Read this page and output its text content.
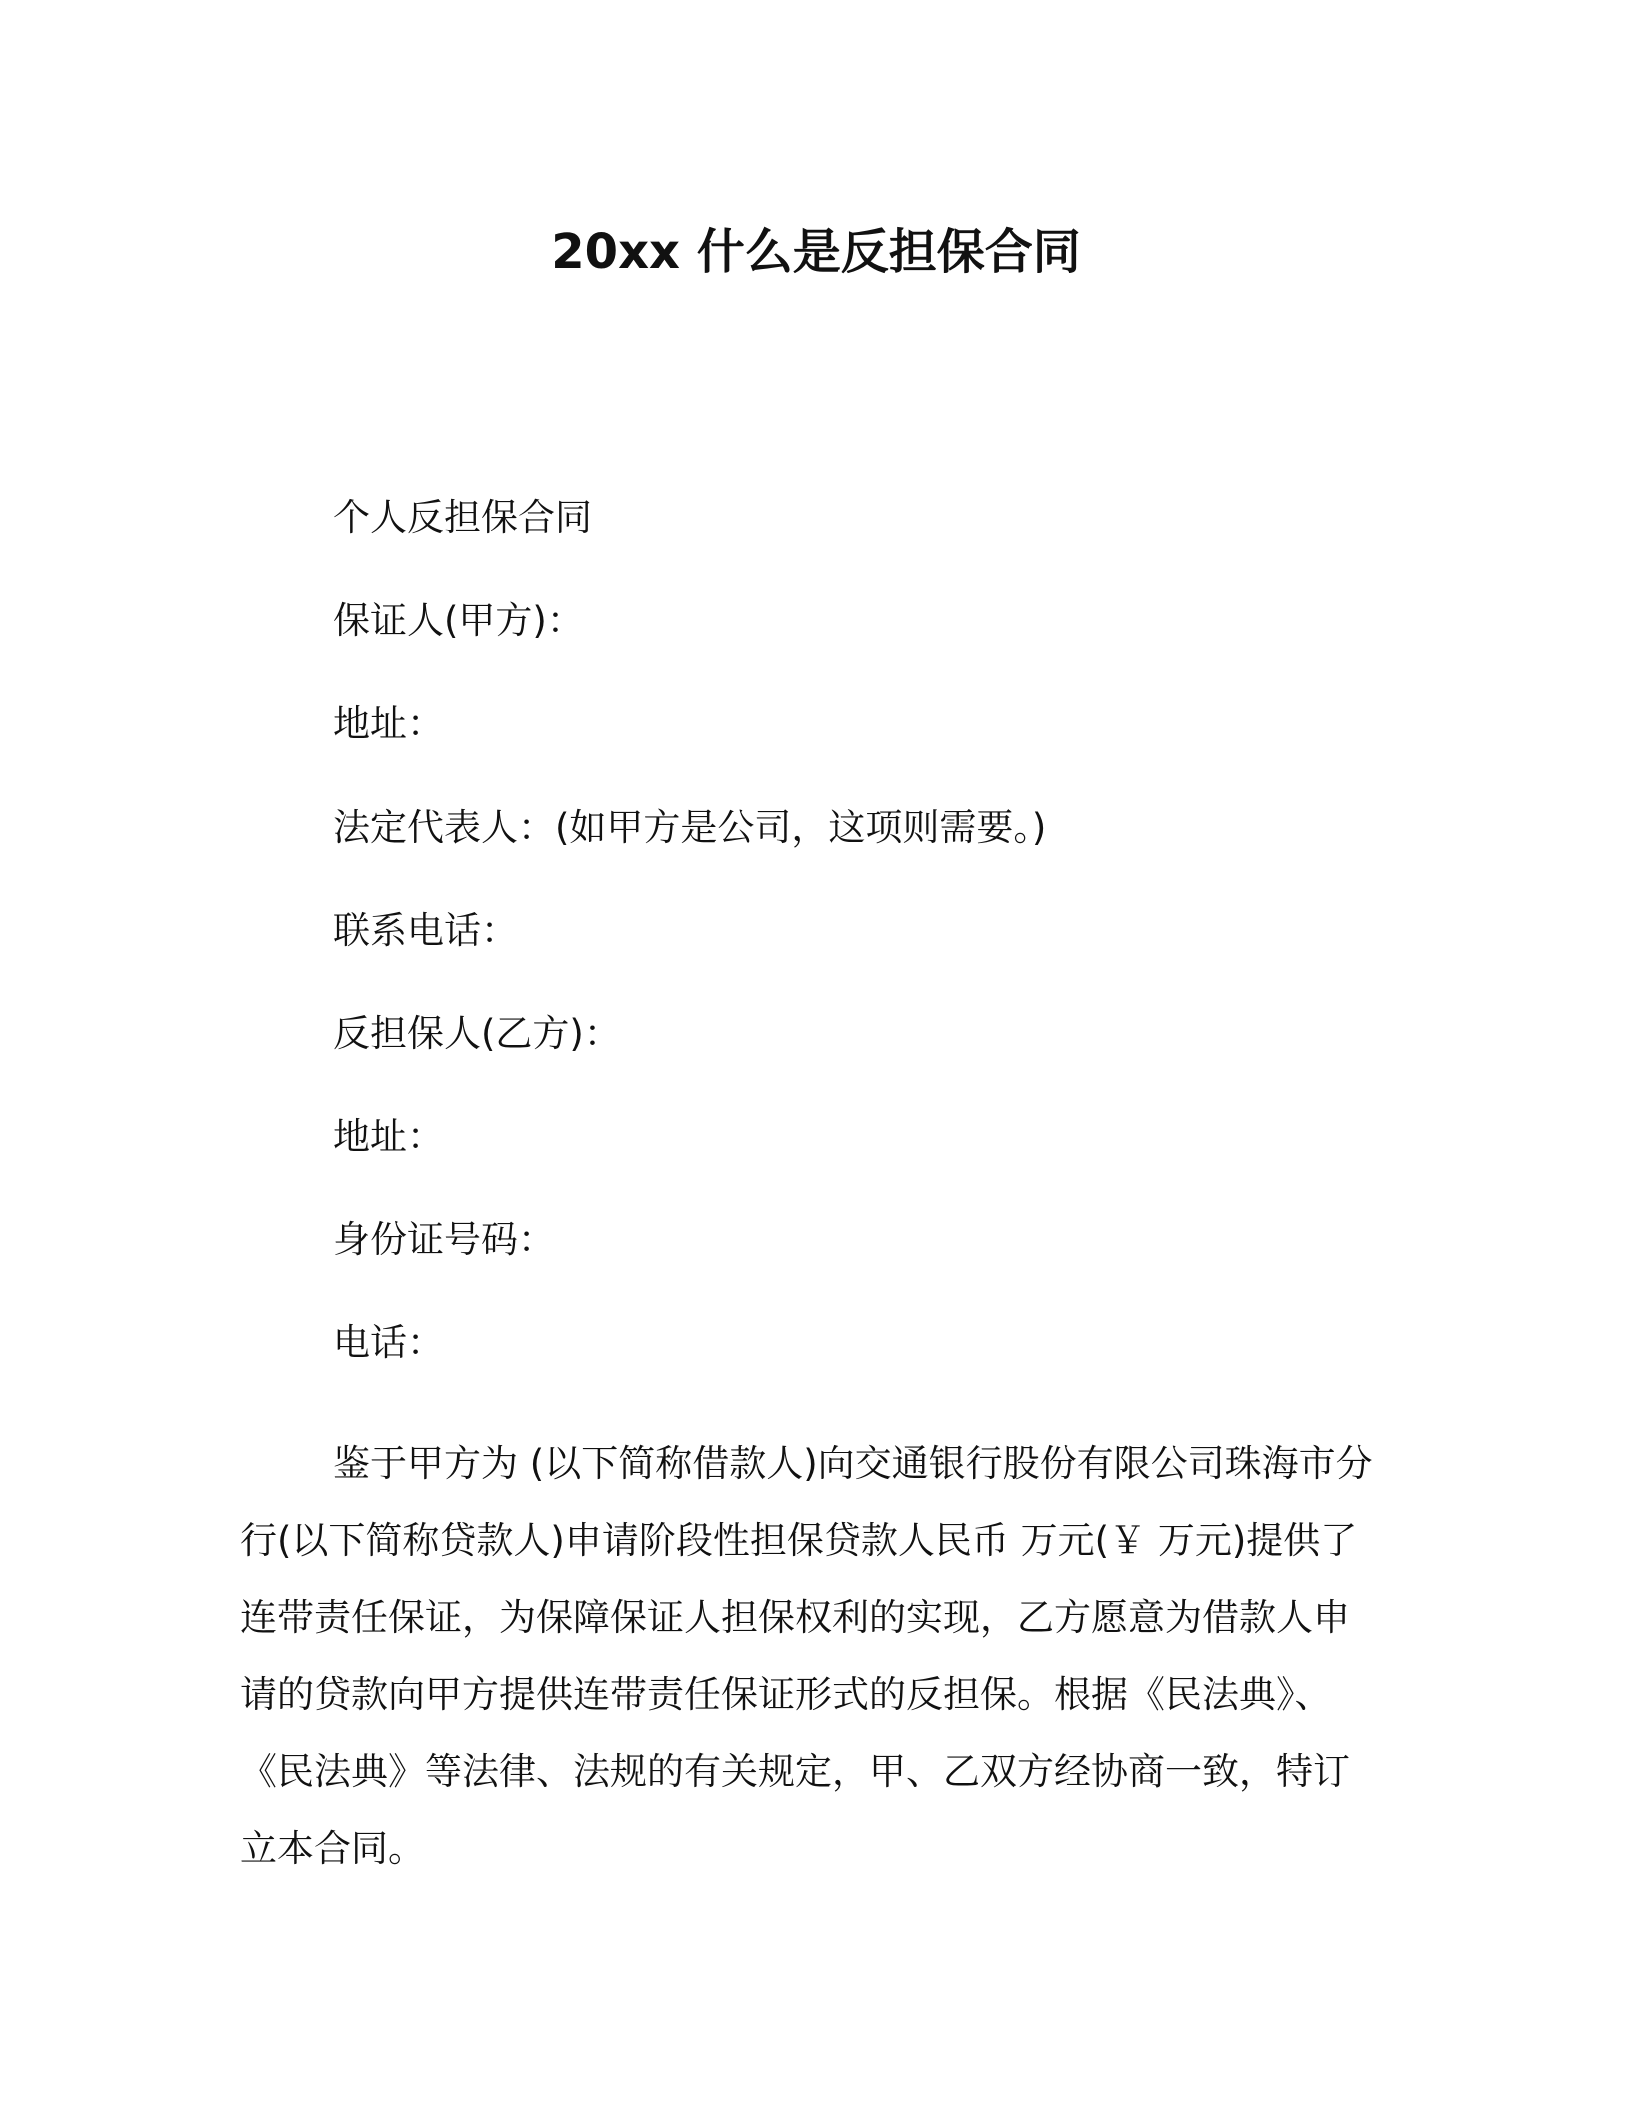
20xx 什么是反担保合同
个人反担保合同
保证人(甲方)：
地址：
法定代表人：(如甲方是公司，这项则需要。)
联系电话：
反担保人(乙方)：
地址：
身份证号码：
电话：
鉴于甲方为 (以下简称借款人)向交通银行股份有限公司珠海市分
行(以下简称贷款人)申请阶段性担保贷款人民币 万元(￥ 万元)提供了
连带责任保证，为保障保证人担保权利的实现，乙方愿意为借款人申
请的贷款向甲方提供连带责任保证形式的反担保。根据《民法典》、
《民法典》等法律、法规的有关规定，甲、乙双方经协商一致，特订
立本合同。
